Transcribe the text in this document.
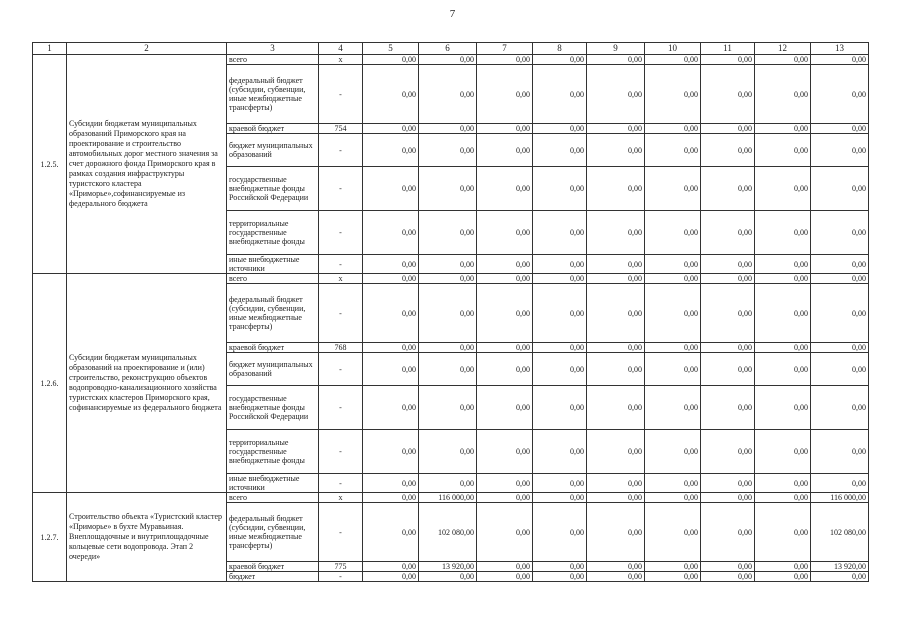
7
1	2	3	4	5	6	7	8	9	10	11	12	13
1.2.5.	Субсидии бюджетам муниципальных образований Приморского края на проектирование и строительство автомобильных дорог местного значения за счет дорожного фонда Приморского края в рамках создания инфраструктуры туристского кластера «Приморье»,софинансируемые из федерального бюджета	всего	x	0,00	0,00	0,00	0,00	0,00	0,00	0,00	0,00	0,00
		федеральный бюджет (субсидии, субвенции, иные межбюджетные трансферты)	-	0,00	0,00	0,00	0,00	0,00	0,00	0,00	0,00	0,00
		краевой бюджет	754	0,00	0,00	0,00	0,00	0,00	0,00	0,00	0,00	0,00
		бюджет муниципальных образований	-	0,00	0,00	0,00	0,00	0,00	0,00	0,00	0,00	0,00
		государственные внебюджетные фонды Российской Федерации	-	0,00	0,00	0,00	0,00	0,00	0,00	0,00	0,00	0,00
		территориальные государственные внебюджетные фонды	-	0,00	0,00	0,00	0,00	0,00	0,00	0,00	0,00	0,00
		иные внебюджетные источники	-	0,00	0,00	0,00	0,00	0,00	0,00	0,00	0,00	0,00
1.2.6.	Субсидии бюджетам муниципальных образований на проектирование и (или) строительство, реконструкцию объектов водопроводно-канализационного хозяйства туристских кластеров Приморского края, софинансируемые из федерального бюджета	всего	x	0,00	0,00	0,00	0,00	0,00	0,00	0,00	0,00	0,00
		федеральный бюджет (субсидии, субвенции, иные межбюджетные трансферты)	-	0,00	0,00	0,00	0,00	0,00	0,00	0,00	0,00	0,00
		краевой бюджет	768	0,00	0,00	0,00	0,00	0,00	0,00	0,00	0,00	0,00
		бюджет муниципальных образований	-	0,00	0,00	0,00	0,00	0,00	0,00	0,00	0,00	0,00
		государственные внебюджетные фонды Российской Федерации	-	0,00	0,00	0,00	0,00	0,00	0,00	0,00	0,00	0,00
		территориальные государственные внебюджетные фонды	-	0,00	0,00	0,00	0,00	0,00	0,00	0,00	0,00	0,00
		иные внебюджетные источники	-	0,00	0,00	0,00	0,00	0,00	0,00	0,00	0,00	0,00
1.2.7.	Строительство объекта «Туристский кластер «Приморье» в бухте Муравьиная. Внеплощадочные и внутриплощадочные кольцевые сети водопровода. Этап 2 очереди»	всего	x	0,00	116 000,00	0,00	0,00	0,00	0,00	0,00	0,00	116 000,00
		федеральный бюджет (субсидии, субвенции, иные межбюджетные трансферты)	-	0,00	102 080,00	0,00	0,00	0,00	0,00	0,00	0,00	102 080,00
		краевой бюджет	775	0,00	13 920,00	0,00	0,00	0,00	0,00	0,00	0,00	13 920,00
		бюджет	-	0,00	0,00	0,00	0,00	0,00	0,00	0,00	0,00	0,00
